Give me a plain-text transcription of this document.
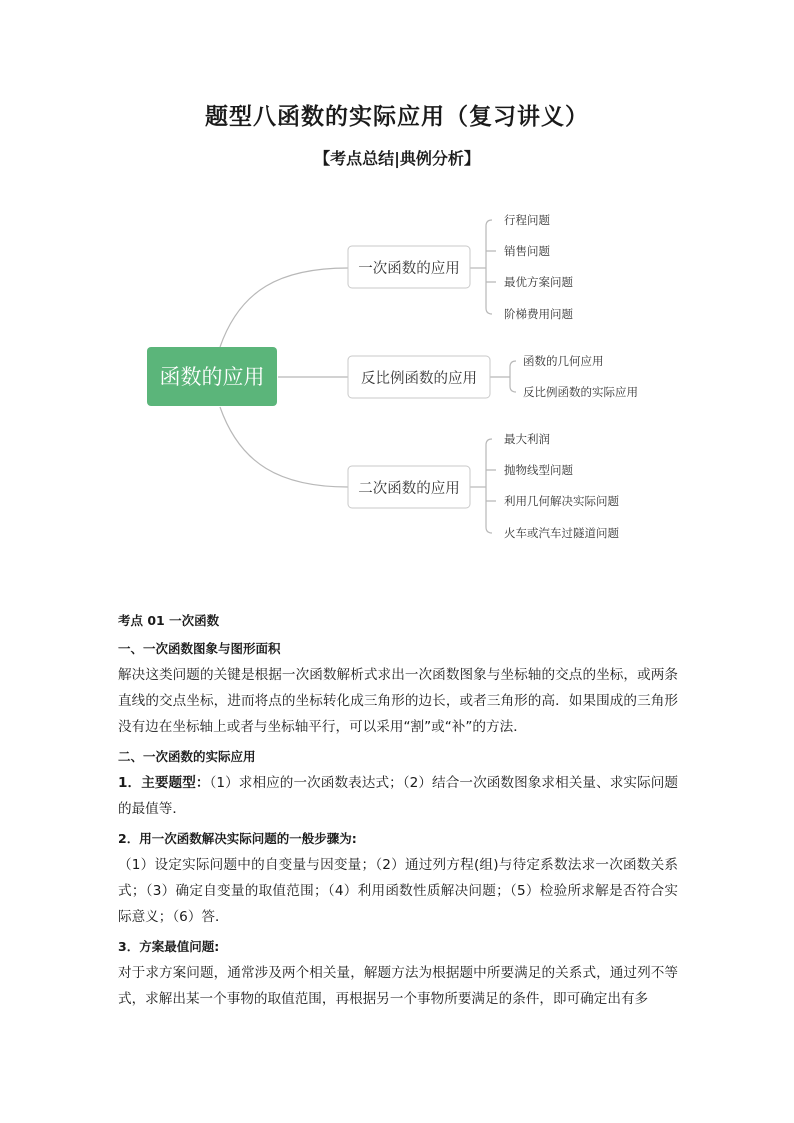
题型八函数的实际应用（复习讲义）
【考点总结|典例分析】
函数的应用
一次函数的应用
反比例函数的应用
二次函数的应用
行程问题
销售问题
最优方案问题
阶梯费用问题
函数的几何应用
反比例函数的实际应用
最大利润
抛物线型问题
利用几何解决实际问题
火车或汽车过隧道问题

考点 01 一次函数

一、一次函数图象与图形面积

解决这类问题的关键是根据一次函数解析式求出一次函数图象与坐标轴的交点的坐标，或两条直线的交点坐标，进而将点的坐标转化成三角形的边长，或者三角形的高．如果围成的三角形没有边在坐标轴上或者与坐标轴平行，可以采用“割”或“补”的方法．

二、一次函数的实际应用

1．主要题型：（1）求相应的一次函数表达式；（2）结合一次函数图象求相关量、求实际问题的最值等．

2．用一次函数解决实际问题的一般步骤为:

（1）设定实际问题中的自变量与因变量；（2）通过列方程(组)与待定系数法求一次函数关系式；（3）确定自变量的取值范围；（4）利用函数性质解决问题；（5）检验所求解是否符合实际意义；（6）答．

3．方案最值问题:

对于求方案问题，通常涉及两个相关量，解题方法为根据题中所要满足的关系式，通过列不等式，求解出某一个事物的取值范围，再根据另一个事物所要满足的条件，即可确定出有多
